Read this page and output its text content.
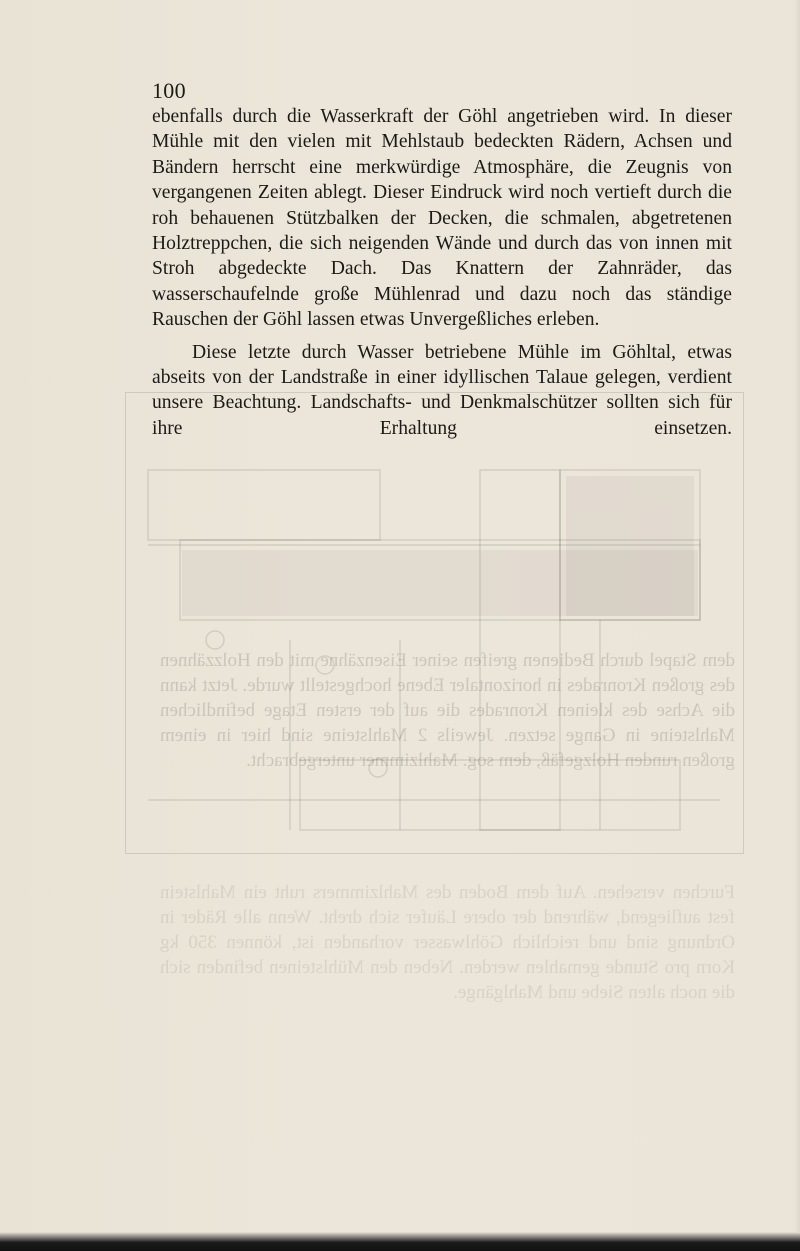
dem Stapel durch Bedienen greifen seiner Eisenzähne mit den Holzzähnen des großen Kronrades in horizontaler Ebene hochgestellt wurde. Jetzt kann die Achse des kleinen Kronrades die auf der ersten Etage befindlichen Mahlsteine in Gange setzen. Jeweils 2 Mahlsteine sind hier in einem großen runden Holzgefäß, dem sog. Mahlzimmer untergebracht.
Furchen versehen. Auf dem Boden des Mahlzimmers ruht ein Mahlstein fest aufliegend, während der obere Läufer sich dreht. Wenn alle Räder in Ordnung sind und reichlich Göhlwasser vorhanden ist, können 350 kg Korn pro Stunde gemahlen werden. Neben den Mühlsteinen befinden sich die noch alten Siebe und Mahlgänge.
100

ebenfalls durch die Wasserkraft der Göhl angetrieben wird. In dieser Mühle mit den vielen mit Mehlstaub bedeckten Rädern, Achsen und Bändern herrscht eine merkwürdige Atmosphäre, die Zeugnis von vergangenen Zeiten ablegt. Dieser Eindruck wird noch vertieft durch die roh behauenen Stützbalken der Decken, die schmalen, abgetretenen Holztreppchen, die sich neigenden Wände und durch das von innen mit Stroh abgedeckte Dach. Das Knattern der Zahnräder, das wasserschaufelnde große Mühlenrad und dazu noch das ständige Rauschen der Göhl lassen etwas Unvergeßliches erleben.

Diese letzte durch Wasser betriebene Mühle im Göhltal, etwas abseits von der Landstraße in einer idyllischen Talaue gelegen, verdient unsere Beachtung. Landschafts- und Denkmalschützer sollten sich für ihre Erhaltung einsetzen.
